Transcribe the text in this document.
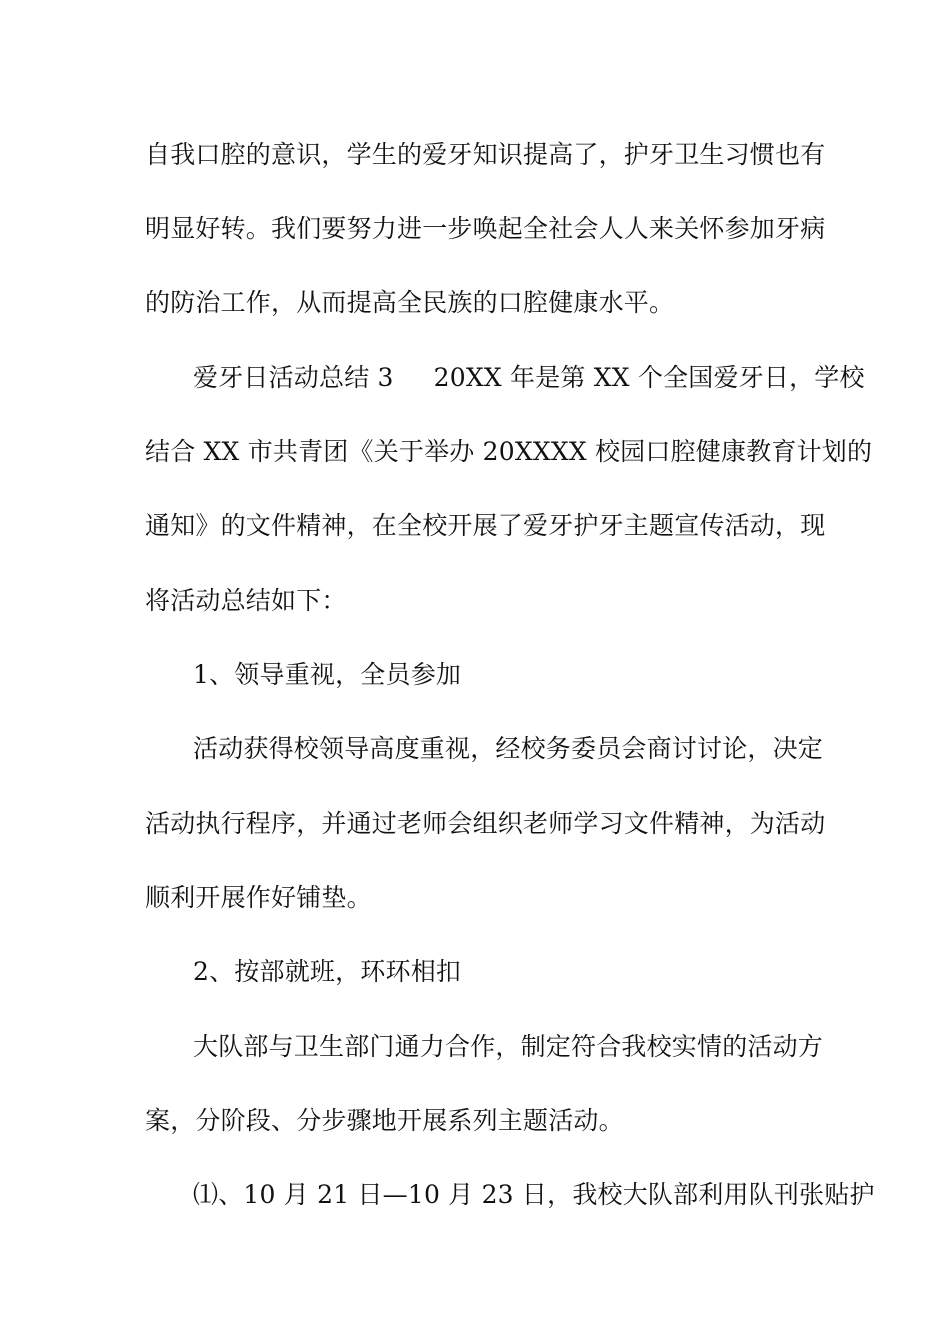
自我口腔的意识，学生的爱牙知识提高了，护牙卫生习惯也有
明显好转。我们要努力进一步唤起全社会人人来关怀参加牙病
的防治工作，从而提高全民族的口腔健康水平。
爱牙日活动总结 3 20XX 年是第 XX 个全国爱牙日，学校
结合 XX 市共青团《关于举办 20XXXX 校园口腔健康教育计划的
通知》的文件精神，在全校开展了爱牙护牙主题宣传活动，现
将活动总结如下：
1、领导重视，全员参加
活动获得校领导高度重视，经校务委员会商讨讨论，决定
活动执行程序，并通过老师会组织老师学习文件精神，为活动
顺利开展作好铺垫。
2、按部就班，环环相扣
大队部与卫生部门通力合作，制定符合我校实情的活动方
案，分阶段、分步骤地开展系列主题活动。
⑴、10 月 21 日—10 月 23 日，我校大队部利用队刊张贴护
